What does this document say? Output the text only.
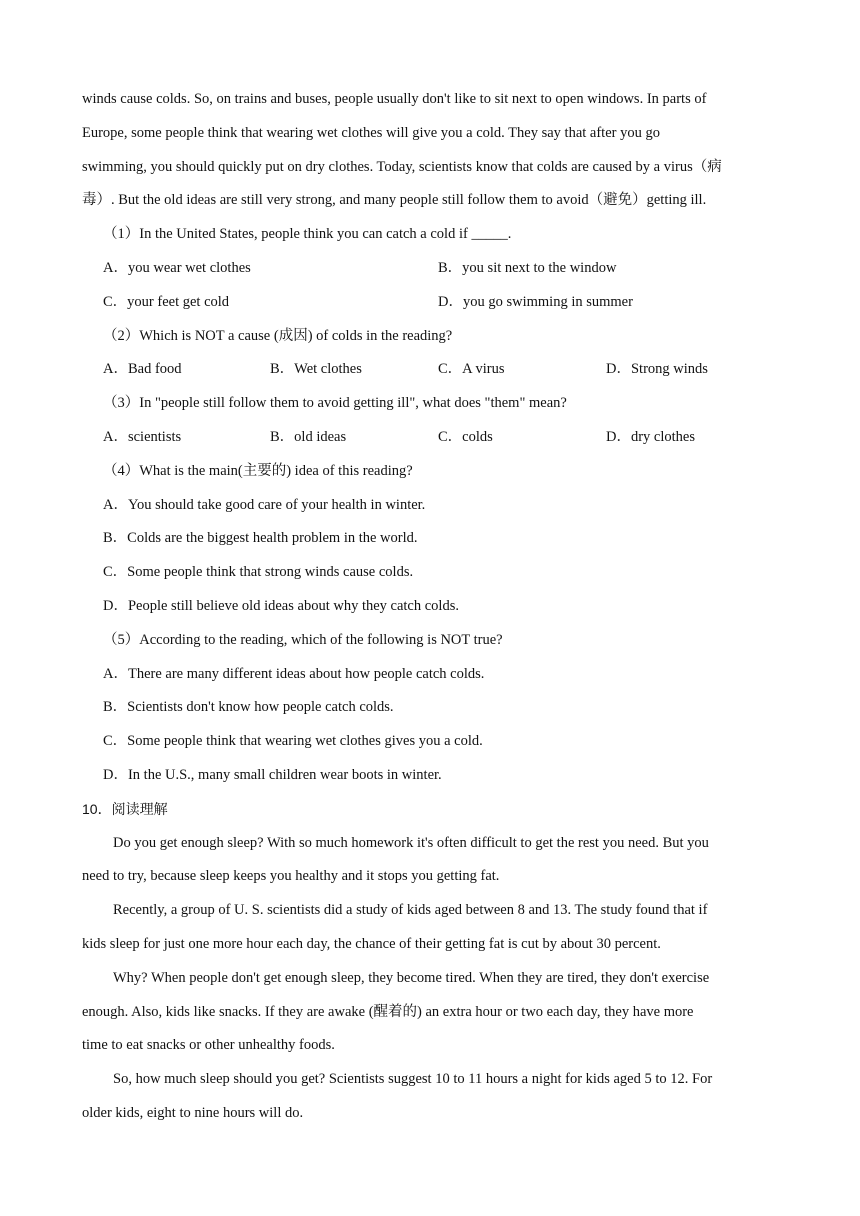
winds cause colds. So, on trains and buses, people usually don't like to sit next to open windows. In parts of
Europe, some people think that wearing wet clothes will give you a cold. They say that after you go
swimming, you should quickly put on dry clothes. Today, scientists know that colds are caused by a virus（病
毒）. But the old ideas are still very strong, and many people still follow them to avoid（避免）getting ill.
（1）In the United States, people think you can catch a cold if _____.
A．you wear wet clothes	B．you sit next to the window
C．your feet get cold	D．you go swimming in summer
（2）Which is NOT a cause (成因) of colds in the reading?
A．Bad food	B．Wet clothes	C．A virus	D．Strong winds
（3）In "people still follow them to avoid getting ill", what does "them" mean?
A．scientists	B．old ideas	C．colds	D．dry clothes
（4）What is the main(主要的) idea of this reading?
A．You should take good care of your health in winter.
B．Colds are the biggest health problem in the world.
C．Some people think that strong winds cause colds.
D．People still believe old ideas about why they catch colds.
（5）According to the reading, which of the following is NOT true?
A．There are many different ideas about how people catch colds.
B．Scientists don't know how people catch colds.
C．Some people think that wearing wet clothes gives you a cold.
D．In the U.S., many small children wear boots in winter.
10．阅读理解
Do you get enough sleep? With so much homework it's often difficult to get the rest you need. But you
need to try, because sleep keeps you healthy and it stops you getting fat.
Recently, a group of U. S. scientists did a study of kids aged between 8 and 13. The study found that if
kids sleep for just one more hour each day, the chance of their getting fat is cut by about 30 percent.
Why? When people don't get enough sleep, they become tired. When they are tired, they don't exercise
enough. Also, kids like snacks. If they are awake (醒着的) an extra hour or two each day, they have more
time to eat snacks or other unhealthy foods.
So, how much sleep should you get? Scientists suggest 10 to 11 hours a night for kids aged 5 to 12. For
older kids, eight to nine hours will do.
